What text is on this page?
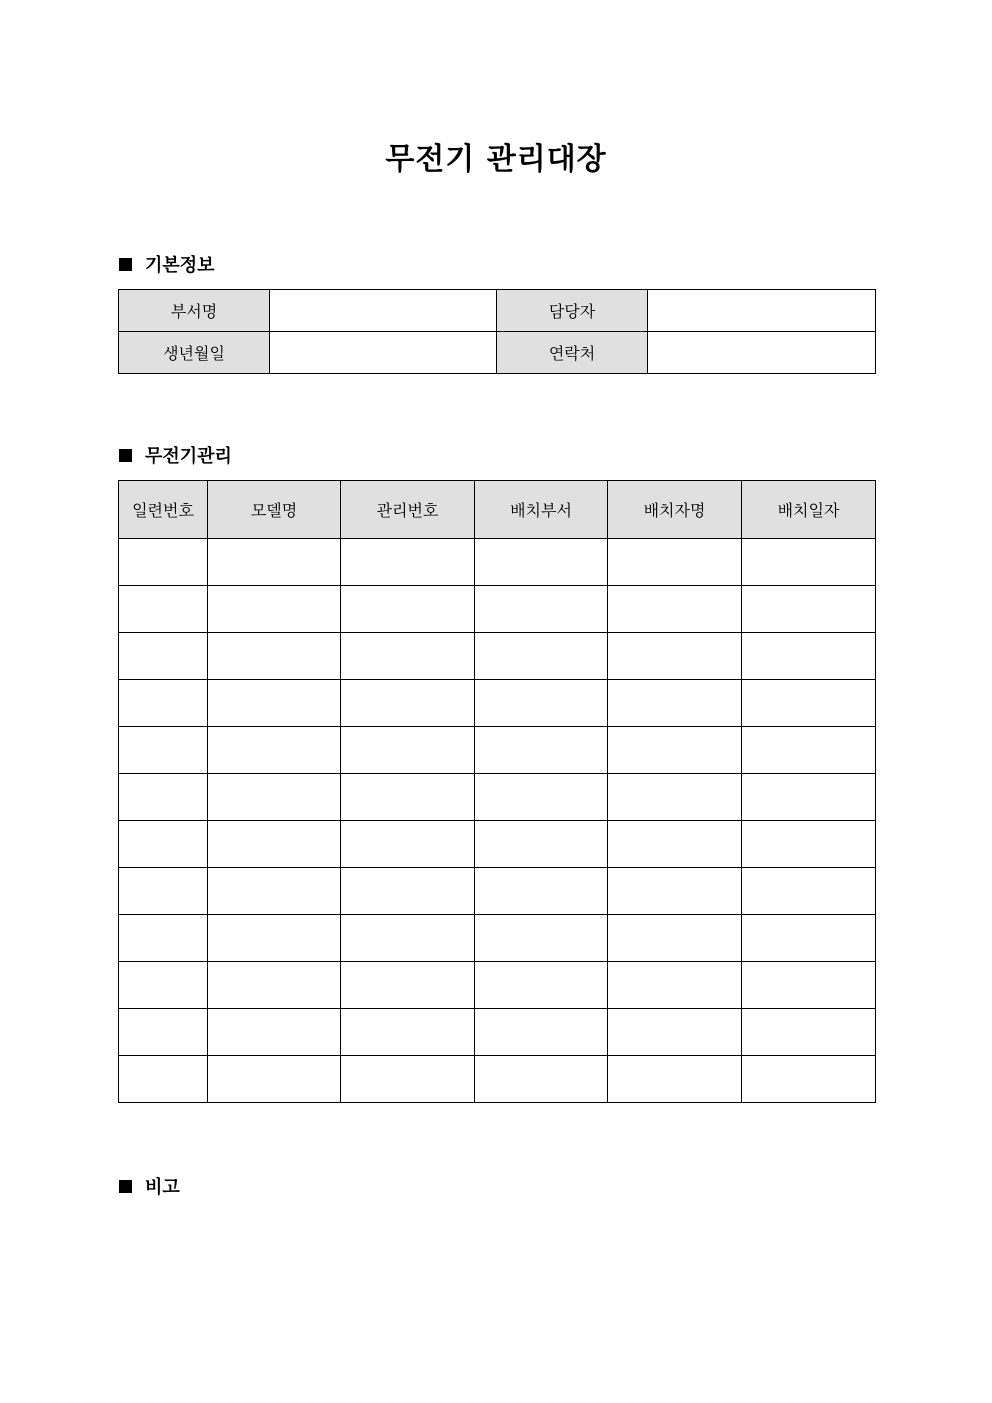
무전기 관리대장
기본정보
부서명		담당자	
생년월일		연락처	
무전기관리
일련번호	모델명	관리번호	배치부서	배치자명	배치일자

비고
